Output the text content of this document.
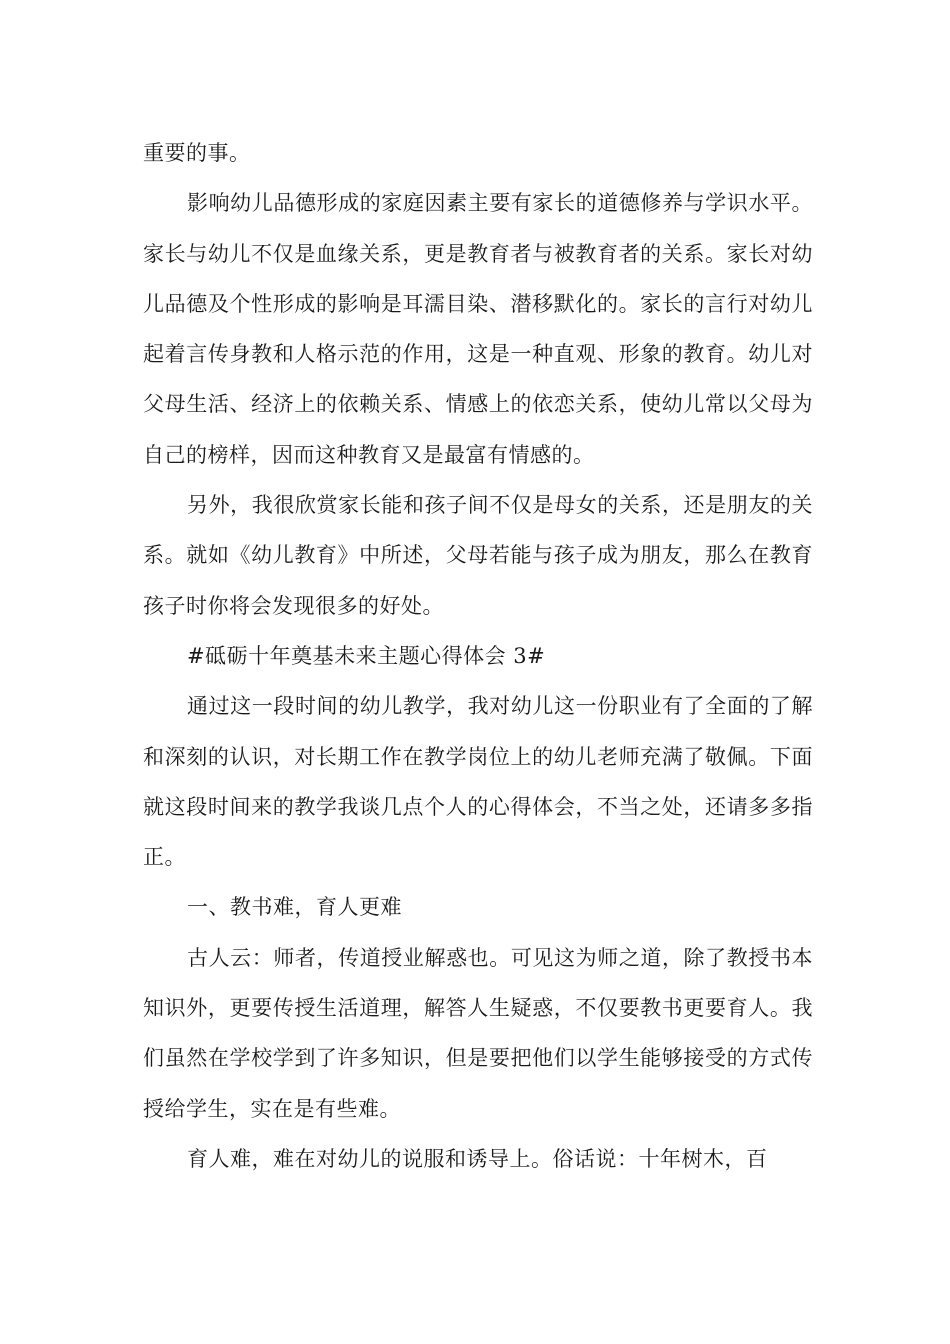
重要的事。

影响幼儿品德形成的家庭因素主要有家长的道德修养与学识水平。家长与幼儿不仅是血缘关系，更是教育者与被教育者的关系。家长对幼儿品德及个性形成的影响是耳濡目染、潜移默化的。家长的言行对幼儿起着言传身教和人格示范的作用，这是一种直观、形象的教育。幼儿对父母生活、经济上的依赖关系、情感上的依恋关系，使幼儿常以父母为自己的榜样，因而这种教育又是最富有情感的。

另外，我很欣赏家长能和孩子间不仅是母女的关系，还是朋友的关系。就如《幼儿教育》中所述，父母若能与孩子成为朋友，那么在教育孩子时你将会发现很多的好处。

#砥砺十年奠基未来主题心得体会 3#

通过这一段时间的幼儿教学，我对幼儿这一份职业有了全面的了解和深刻的认识，对长期工作在教学岗位上的幼儿老师充满了敬佩。下面就这段时间来的教学我谈几点个人的心得体会，不当之处，还请多多指正。

一、教书难，育人更难

古人云：师者，传道授业解惑也。可见这为师之道，除了教授书本知识外，更要传授生活道理，解答人生疑惑，不仅要教书更要育人。我们虽然在学校学到了许多知识，但是要把他们以学生能够接受的方式传授给学生，实在是有些难。

育人难，难在对幼儿的说服和诱导上。俗话说：十年树木，百
